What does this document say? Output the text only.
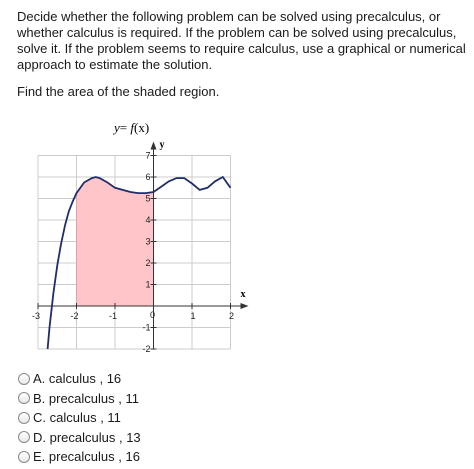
Decide whether the following problem can be solved using precalculus, or whether calculus is required. If the problem can be solved using precalculus, solve it. If the problem seems to require calculus, use a graphical or numerical approach to estimate the solution.

Find the area of the shaded region.

y= f(x)
-3	-2	-1	0	1	2
7
6
5
4
3
2
1
-1
-2
x
y
A. calculus , 16
B. precalculus , 11
C. calculus , 11
D. precalculus , 13
E. precalculus , 16
